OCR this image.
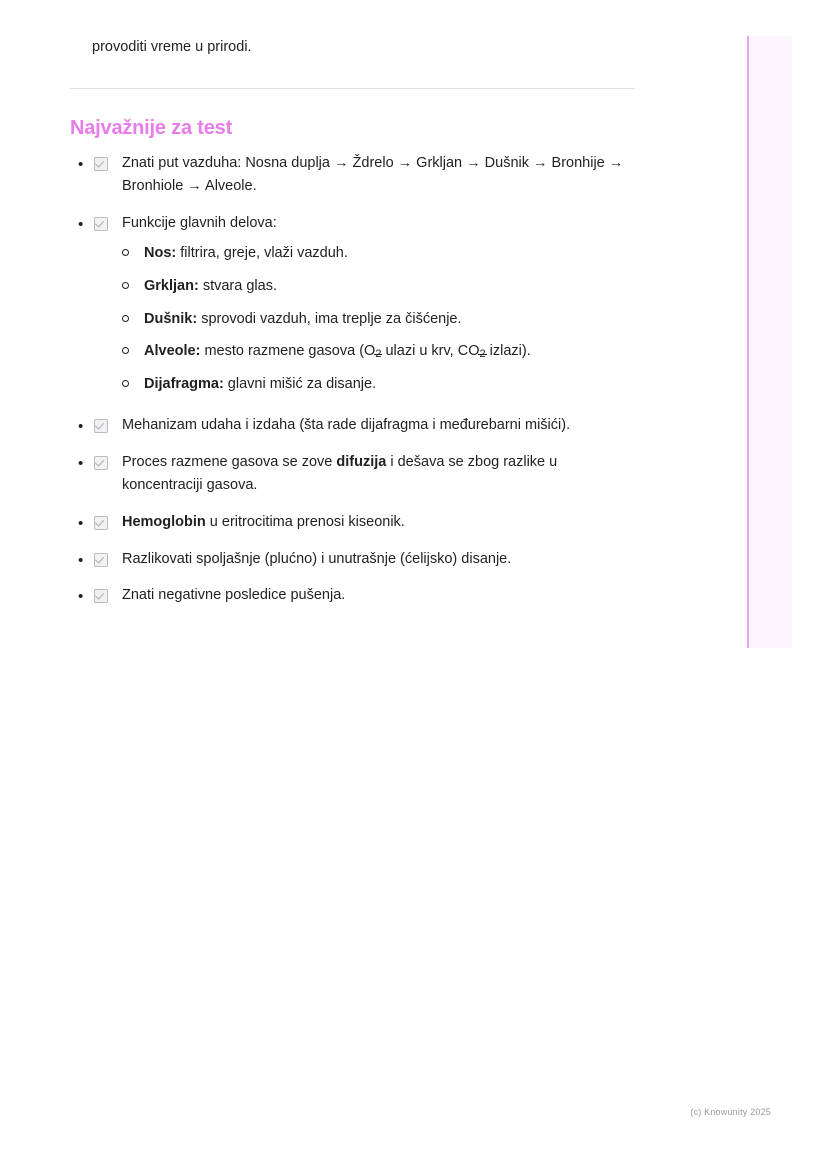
provoditi vreme u prirodi.

Najvažnije za test
•	Znati put vazduha: Nosna duplja → Ždrelo → Grkljan → Dušnik → Bronhije → Bronhiole → Alveole.
•	Funkcije glavnih delova:
Nos: filtrira, greje, vlaži vazduh.
Grkljan: stvara glas.
Dušnik: sprovodi vazduh, ima treplje za čišćenje.
Alveole: mesto razmene gasova (O2 ulazi u krv, CO2 izlazi).
Dijafragma: glavni mišić za disanje.
•	Mehanizam udaha i izdaha (šta rade dijafragma i međurebarni mišići).
•	Proces razmene gasova se zove difuzija i dešava se zbog razlike u koncentraciji gasova.
•	Hemoglobin u eritrocitima prenosi kiseonik.
•	Razlikovati spoljašnje (plućno) i unutrašnje (ćelijsko) disanje.
•	Znati negativne posledice pušenja.
(c) Knowunity 2025
